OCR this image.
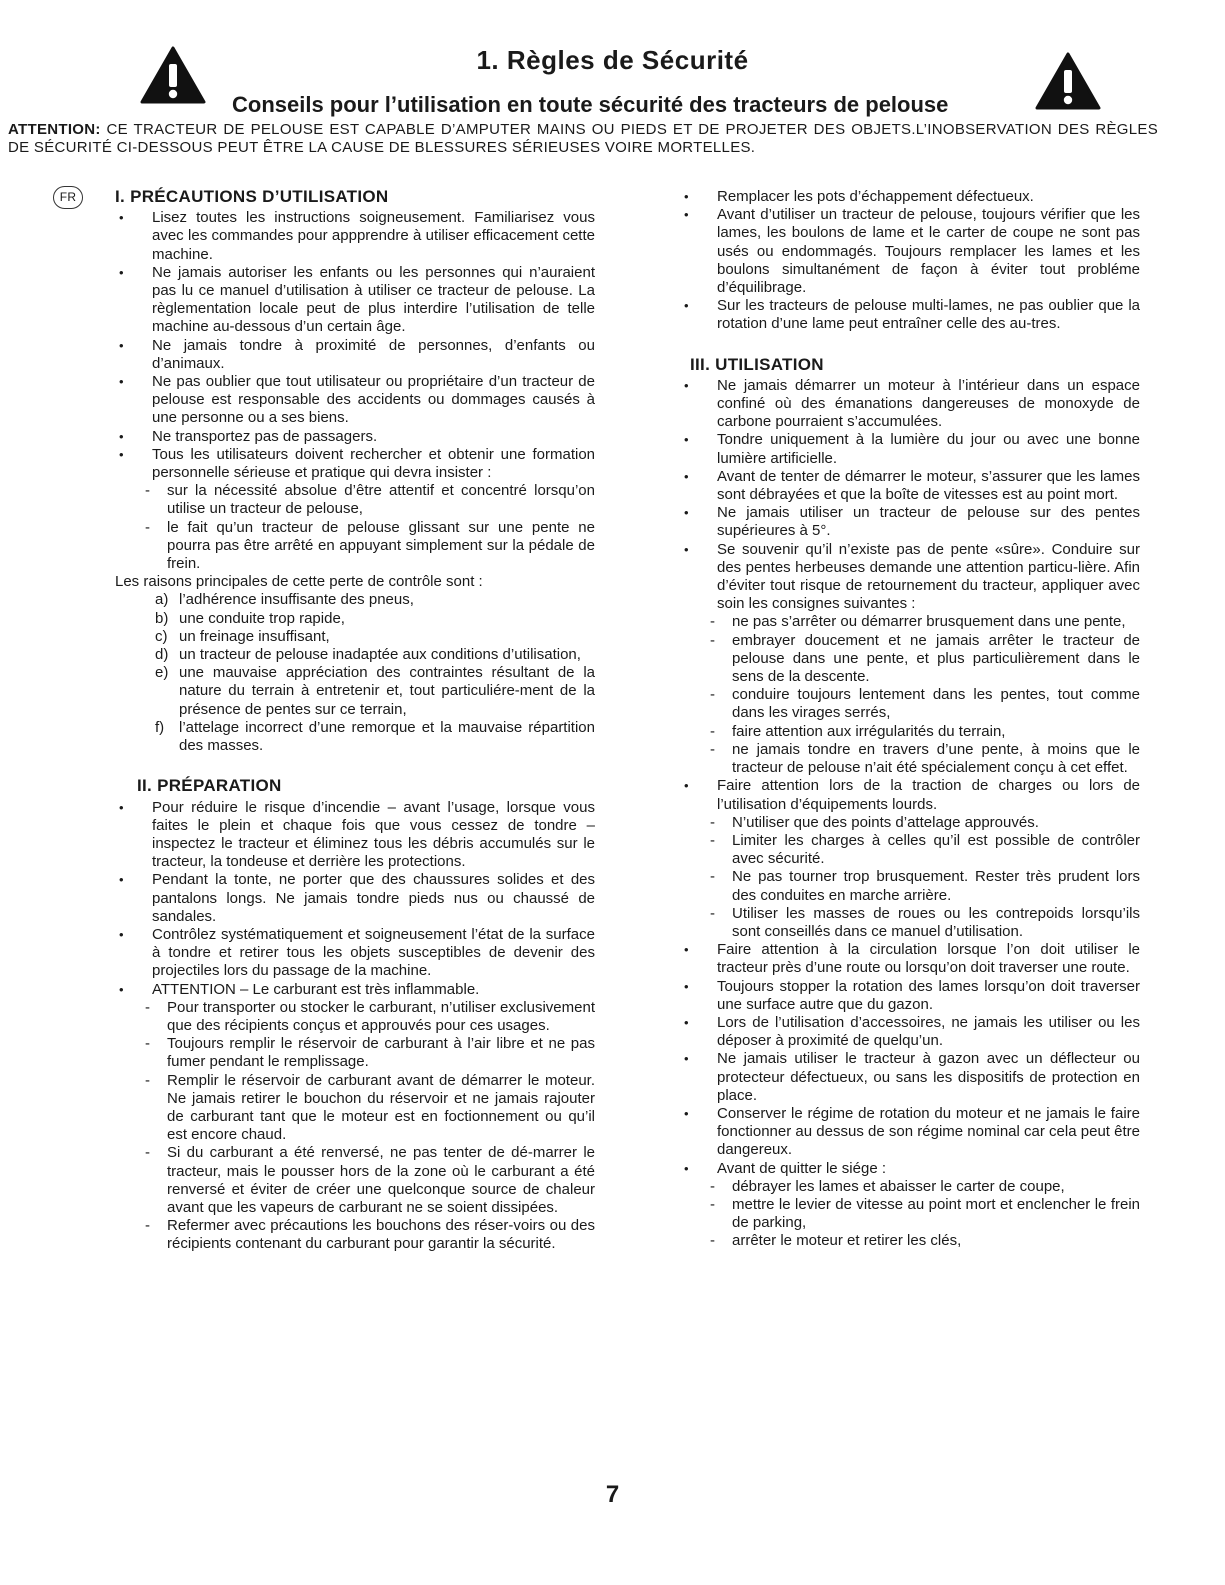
1. Règles de Sécurité
Conseils pour l’utilisation en toute sécurité des tracteurs de pelouse
ATTENTION: CE TRACTEUR DE PELOUSE EST CAPABLE D’AMPUTER MAINS OU PIEDS ET DE PROJETER DES OBJETS.L’INOBSERVATION DES RÈGLES DE SÉCURITÉ CI-DESSOUS PEUT ÊTRE LA CAUSE DE BLESSURES SÉRIEUSES VOIRE MORTELLES.
FR	I. PRÉCAUTIONS D’UTILISATION
• Lisez toutes les instructions soigneusement. Familiarisez vous avec les commandes pour appprendre à utiliser efficacement cette machine.
• Ne jamais autoriser les enfants ou les personnes qui n’auraient pas lu ce manuel d’utilisation à utiliser ce tracteur de pelouse. La règlementation locale peut de plus interdire l’utilisation de telle machine au-dessous d’un certain âge.
• Ne jamais tondre à proximité de personnes, d’enfants ou d’animaux.
• Ne pas oublier que tout utilisateur ou propriétaire d’un tracteur de pelouse est responsable des accidents ou dommages causés à une personne ou a ses biens.
• Ne transportez pas de passagers.
• Tous les utilisateurs doivent rechercher et obtenir une formation personnelle sérieuse et pratique qui devra insister :
- sur la nécessité absolue d’être attentif et concentré lorsqu’on utilise un tracteur de pelouse,
- le fait qu’un tracteur de pelouse glissant sur une pente ne pourra pas être arrêté en appuyant simplement sur la pédale de frein.
Les raisons principales de cette perte de contrôle sont :
a) l’adhérence insuffisante des pneus,
b) une conduite trop rapide,
c) un freinage insuffisant,
d) un tracteur de pelouse inadaptée aux conditions d’utilisation,
e) une mauvaise appréciation des contraintes résultant de la nature du terrain à entretenir et, tout particuliére-ment de la présence de pentes sur ce terrain,
f) l’attelage incorrect d’une remorque et la mauvaise répartition des masses.
II. PRÉPARATION
• Pour réduire le risque d’incendie – avant l’usage, lorsque vous faites le plein et chaque fois que vous cessez de tondre – inspectez le tracteur et éliminez tous les débris accumulés sur le tracteur, la tondeuse et derrière les protections.
• Pendant la tonte, ne porter que des chaussures solides et des pantalons longs. Ne jamais tondre pieds nus ou chaussé de sandales.
• Contrôlez systématiquement et soigneusement l’état de la surface à tondre et retirer tous les objets susceptibles de devenir des projectiles lors du passage de la machine.
• ATTENTION – Le carburant est très inflammable.
- Pour transporter ou stocker le carburant, n’utiliser exclusivement que des récipients conçus et approuvés pour ces usages.
- Toujours remplir le réservoir de carburant à l’air libre et ne pas fumer pendant le remplissage.
- Remplir le réservoir de carburant avant de démarrer le moteur. Ne jamais retirer le bouchon du réservoir et ne jamais rajouter de carburant tant que le moteur est en foctionnement ou qu’il est encore chaud.
- Si du carburant a été renversé, ne pas tenter de dé-marrer le tracteur, mais le pousser hors de la zone où le carburant a été renversé et éviter de créer une quelconque source de chaleur avant que les vapeurs de carburant ne se soient dissipées.
- Refermer avec précautions les bouchons des réser-voirs ou des récipients contenant du carburant pour garantir la sécurité.
• Remplacer les pots d’échappement défectueux.
• Avant d’utiliser un tracteur de pelouse, toujours vérifier que les lames, les boulons de lame et le carter de coupe ne sont pas usés ou endommagés. Toujours remplacer les lames et les boulons simultanément de façon à éviter tout probléme d’équilibrage.
• Sur les tracteurs de pelouse multi-lames, ne pas oublier que la rotation d’une lame peut entraîner celle des au-tres.
III. UTILISATION
• Ne jamais démarrer un moteur à l’intérieur dans un espace confiné où des émanations dangereuses de monoxyde de carbone pourraient s’accumulées.
• Tondre uniquement à la lumière du jour ou avec une bonne lumière artificielle.
• Avant de tenter de démarrer le moteur, s’assurer que les lames sont débrayées et que la boîte de vitesses est au point mort.
• Ne jamais utiliser un tracteur de pelouse sur des pentes supérieures à 5°.
• Se souvenir qu’il n’existe pas de pente «sûre». Conduire sur des pentes herbeuses demande une attention particu-lière. Afin d’éviter tout risque de retournement du tracteur, appliquer avec soin les consignes suivantes :
- ne pas s’arrêter ou démarrer brusquement dans une pente,
- embrayer doucement et ne jamais arrêter le tracteur de pelouse dans une pente, et plus particulièrement dans le sens de la descente.
- conduire toujours lentement dans les pentes, tout comme dans les virages serrés,
- faire attention aux irrégularités du terrain,
- ne jamais tondre en travers d’une pente, à moins que le tracteur de pelouse n’ait été spécialement conçu à cet effet.
• Faire attention lors de la traction de charges ou lors de l’utilisation d’équipements lourds.
- N’utiliser que des points d’attelage approuvés.
- Limiter les charges à celles qu’il est possible de contrôler avec sécurité.
- Ne pas tourner trop brusquement. Rester très prudent lors des conduites en marche arrière.
- Utiliser les masses de roues ou les contrepoids lorsqu’ils sont conseillés dans ce manuel d’utilisation.
• Faire attention à la circulation lorsque l’on doit utiliser le tracteur près d’une route ou lorsqu’on doit traverser une route.
• Toujours stopper la rotation des lames lorsqu’on doit traverser une surface autre que du gazon.
• Lors de l’utilisation d’accessoires, ne jamais les utiliser ou les déposer à proximité de quelqu’un.
• Ne jamais utiliser le tracteur à gazon avec un déflecteur ou protecteur défectueux, ou sans les dispositifs de protection en place.
• Conserver le régime de rotation du moteur et ne jamais le faire fonctionner au dessus de son régime nominal car cela peut être dangereux.
• Avant de quitter le siége :
- débrayer les lames et abaisser le carter de coupe,
- mettre le levier de vitesse au point mort et enclencher le frein de parking,
- arrêter le moteur et retirer les clés,
7
